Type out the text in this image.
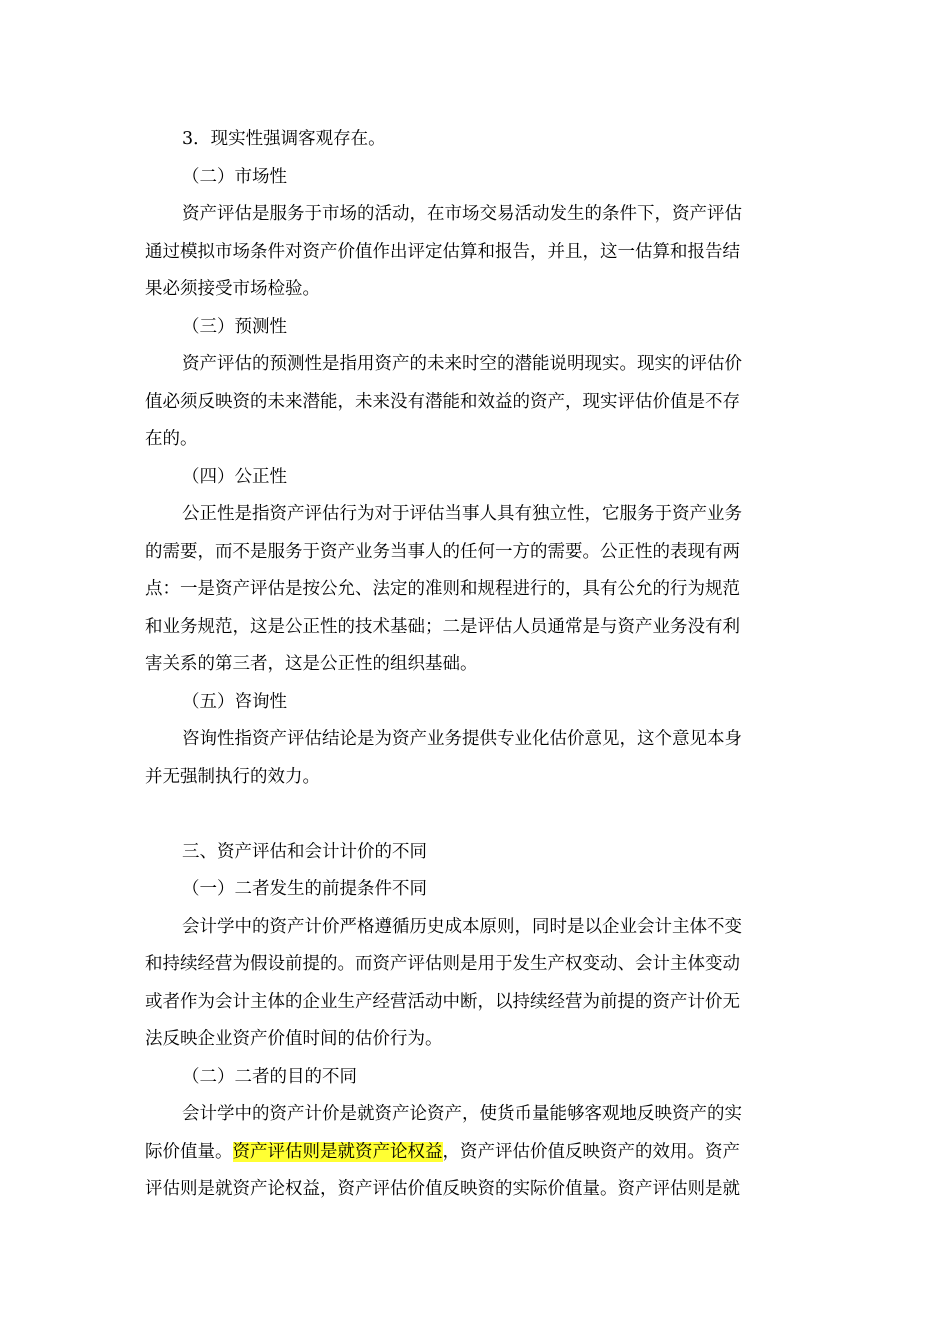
3．现实性强调客观存在。
（二）市场性
资产评估是服务于市场的活动，在市场交易活动发生的条件下，资产评估
通过模拟市场条件对资产价值作出评定估算和报告，并且，这一估算和报告结
果必须接受市场检验。
（三）预测性
资产评估的预测性是指用资产的未来时空的潜能说明现实。现实的评估价
值必须反映资的未来潜能，未来没有潜能和效益的资产，现实评估价值是不存
在的。
（四）公正性
公正性是指资产评估行为对于评估当事人具有独立性，它服务于资产业务
的需要，而不是服务于资产业务当事人的任何一方的需要。公正性的表现有两
点：一是资产评估是按公允、法定的准则和规程进行的，具有公允的行为规范
和业务规范，这是公正性的技术基础；二是评估人员通常是与资产业务没有利
害关系的第三者，这是公正性的组织基础。
（五）咨询性
咨询性指资产评估结论是为资产业务提供专业化估价意见，这个意见本身
并无强制执行的效力。
三、资产评估和会计计价的不同
（一）二者发生的前提条件不同
会计学中的资产计价严格遵循历史成本原则，同时是以企业会计主体不变
和持续经营为假设前提的。而资产评估则是用于发生产权变动、会计主体变动
或者作为会计主体的企业生产经营活动中断，以持续经营为前提的资产计价无
法反映企业资产价值时间的估价行为。
（二）二者的目的不同
会计学中的资产计价是就资产论资产，使货币量能够客观地反映资产的实
际价值量。资产评估则是就资产论权益，资产评估价值反映资产的效用。资产
评估则是就资产论权益，资产评估价值反映资的实际价值量。资产评估则是就
